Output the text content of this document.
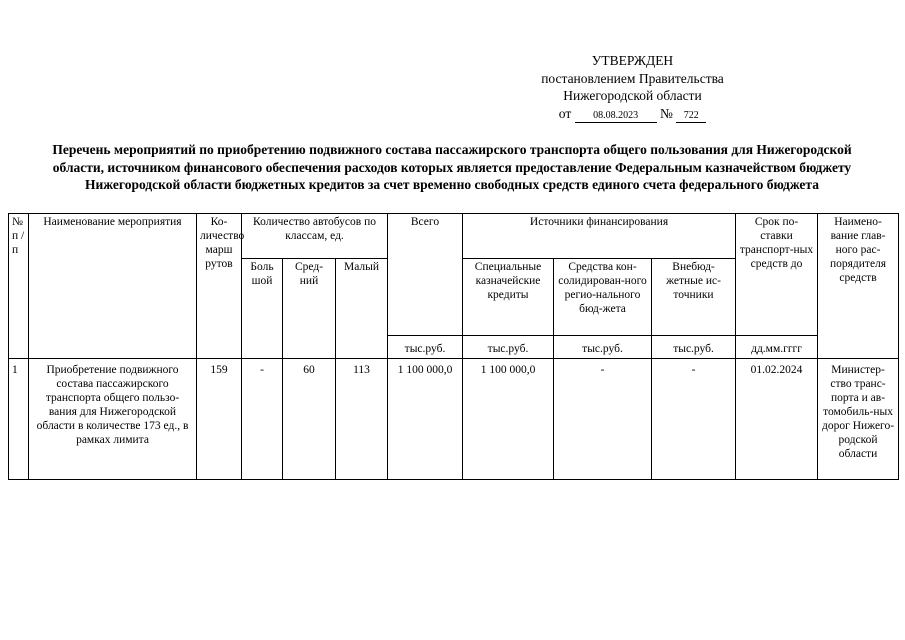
УТВЕРЖДЕН
постановлением Правительства
Нижегородской области
от 08.08.2023 № 722
Перечень мероприятий по приобретению подвижного состава пассажирского транспорта общего пользования для Нижегородской области, источником финансового обеспечения расходов которых является предоставление Федеральным казначейством бюджету Нижегородской области бюджетных кредитов за счет временно свободных средств единого счета федерального бюджета
№ п / п	Наименование мероприятия	Ко-личество марш рутов	Количество автобусов по классам, ед.			Всего	Источники финансирования			Срок по-ставки транспорт-ных средств до	Наимено-вание глав-ного рас-порядителя средств
			Боль шой	Сред-ний	Малый		Специальные казначейские кредиты	Средства кон-солидирован-ного регио-нального бюд-жета	Внебюд-жетные ис-точники		
						тыс.руб.	тыс.руб.	тыс.руб.	тыс.руб.	дд.мм.гггг	
1	Приобретение подвижного состава пассажирского транспорта общего пользо-вания для Нижегородской области в количестве 173 ед., в рамках лимита	159	-	60	113	1 100 000,0	1 100 000,0	-	-	01.02.2024	Министер-ство транс-порта и ав-томобиль-ных дорог Нижего-родской области
